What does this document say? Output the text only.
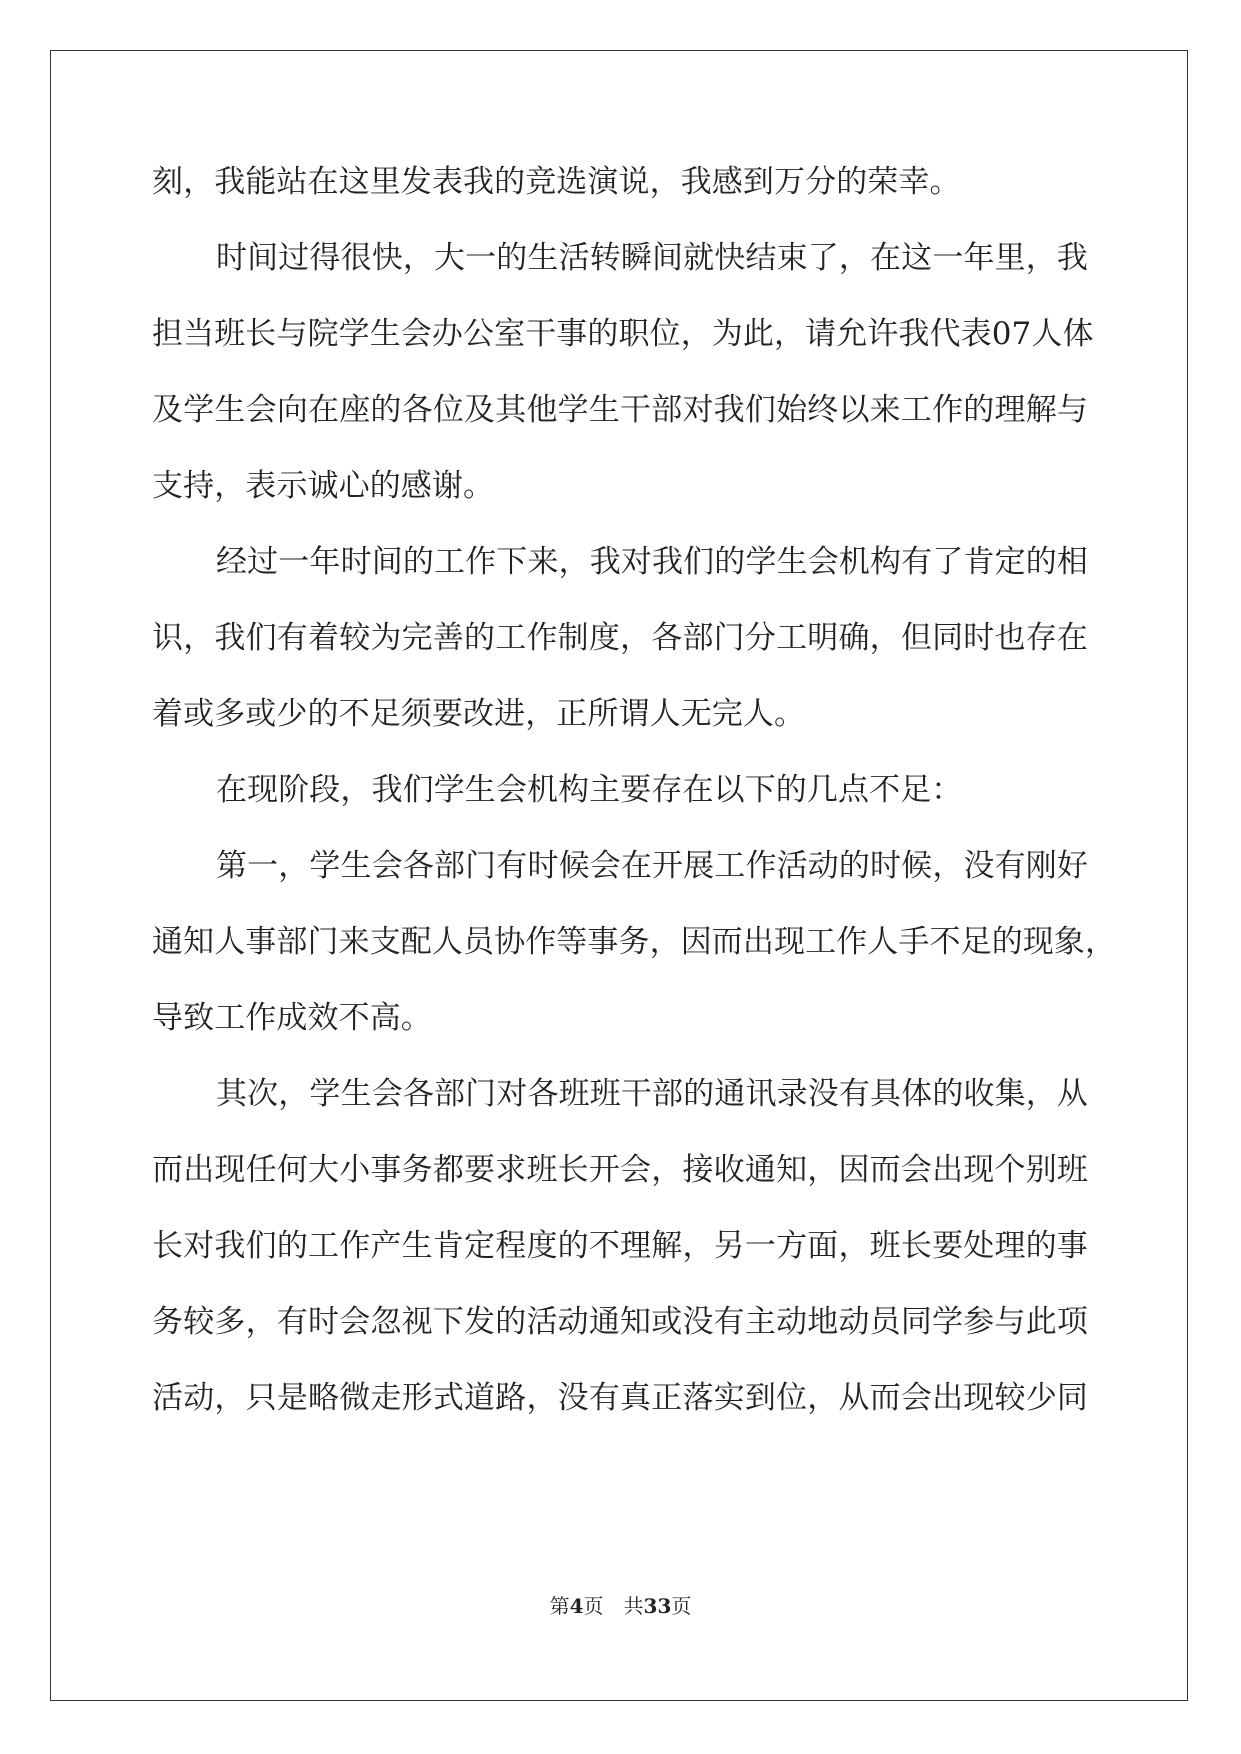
刻，我能站在这里发表我的竞选演说，我感到万分的荣幸。
时间过得很快，大一的生活转瞬间就快结束了，在这一年里，我
担当班长与院学生会办公室干事的职位，为此，请允许我代表07人体
及学生会向在座的各位及其他学生干部对我们始终以来工作的理解与
支持，表示诚心的感谢。
经过一年时间的工作下来，我对我们的学生会机构有了肯定的相
识，我们有着较为完善的工作制度，各部门分工明确，但同时也存在
着或多或少的不足须要改进，正所谓人无完人。
在现阶段，我们学生会机构主要存在以下的几点不足：
第一，学生会各部门有时候会在开展工作活动的时候，没有刚好
通知人事部门来支配人员协作等事务，因而出现工作人手不足的现象，
导致工作成效不高。
其次，学生会各部门对各班班干部的通讯录没有具体的收集，从
而出现任何大小事务都要求班长开会，接收通知，因而会出现个别班
长对我们的工作产生肯定程度的不理解，另一方面，班长要处理的事
务较多，有时会忽视下发的活动通知或没有主动地动员同学参与此项
活动，只是略微走形式道路，没有真正落实到位，从而会出现较少同
第4页 共33页
